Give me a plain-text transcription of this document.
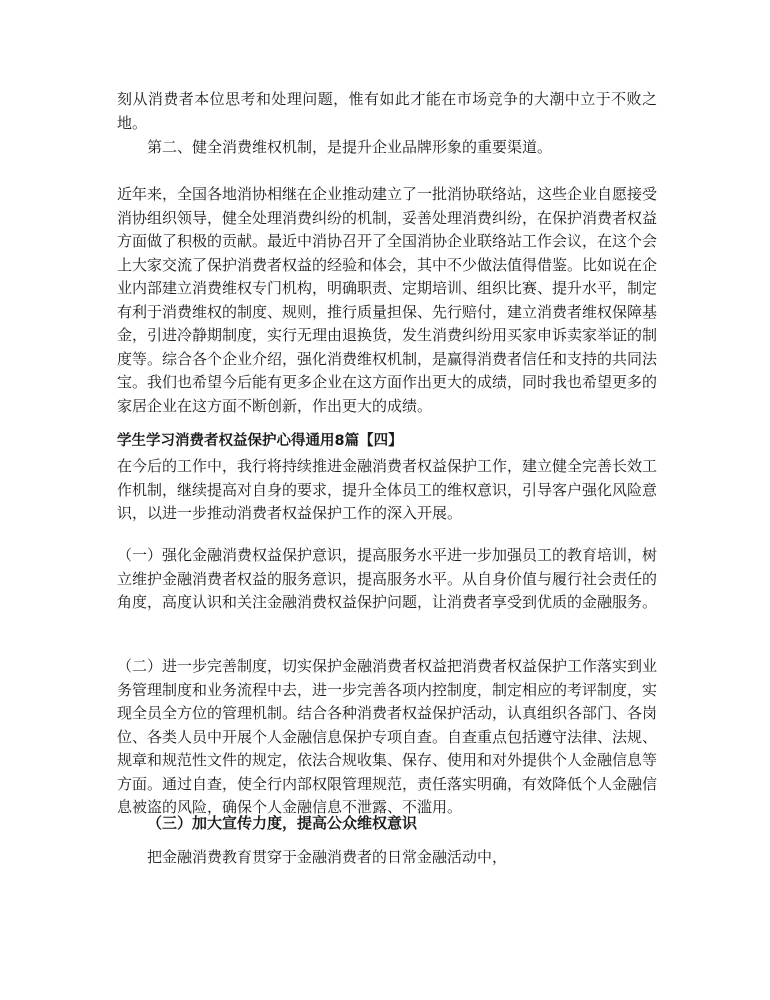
刻从消费者本位思考和处理问题，惟有如此才能在市场竞争的大潮中立于不败之地。

第二、健全消费维权机制，是提升企业品牌形象的重要渠道。

近年来，全国各地消协相继在企业推动建立了一批消协联络站，这些企业自愿接受消协组织领导，健全处理消费纠纷的机制，妥善处理消费纠纷，在保护消费者权益方面做了积极的贡献。最近中消协召开了全国消协企业联络站工作会议，在这个会上大家交流了保护消费者权益的经验和体会，其中不少做法值得借鉴。比如说在企业内部建立消费维权专门机构，明确职责、定期培训、组织比赛、提升水平，制定有利于消费维权的制度、规则，推行质量担保、先行赔付，建立消费者维权保障基金，引进冷静期制度，实行无理由退换货，发生消费纠纷用买家申诉卖家举证的制度等。综合各个企业介绍，强化消费维权机制，是赢得消费者信任和支持的共同法宝。我们也希望今后能有更多企业在这方面作出更大的成绩，同时我也希望更多的家居企业在这方面不断创新，作出更大的成绩。

学生学习消费者权益保护心得通用8篇【四】

在今后的工作中，我行将持续推进金融消费者权益保护工作，建立健全完善长效工作机制，继续提高对自身的要求，提升全体员工的维权意识，引导客户强化风险意识，以进一步推动消费者权益保护工作的深入开展。

（一）强化金融消费权益保护意识，提高服务水平进一步加强员工的教育培训，树立维护金融消费者权益的服务意识，提高服务水平。从自身价值与履行社会责任的角度，高度认识和关注金融消费权益保护问题，让消费者享受到优质的金融服务。

（二）进一步完善制度，切实保护金融消费者权益把消费者权益保护工作落实到业务管理制度和业务流程中去，进一步完善各项内控制度，制定相应的考评制度，实现全员全方位的管理机制。结合各种消费者权益保护活动，认真组织各部门、各岗位、各类人员中开展个人金融信息保护专项自查。自查重点包括遵守法律、法规、规章和规范性文件的规定，依法合规收集、保存、使用和对外提供个人金融信息等方面。通过自查，使全行内部权限管理规范，责任落实明确，有效降低个人金融信息被盗的风险，确保个人金融信息不泄露、不滥用。

（三）加大宣传力度，提高公众维权意识

把金融消费教育贯穿于金融消费者的日常金融活动中，
